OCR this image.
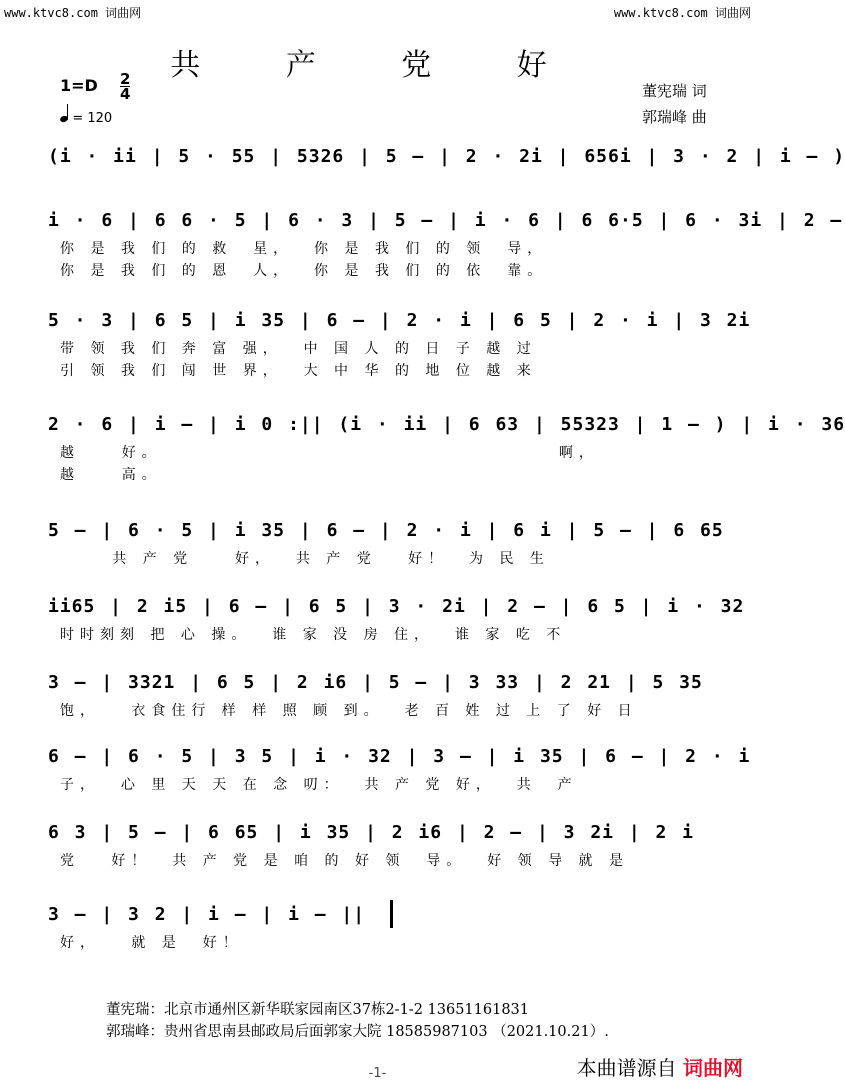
www.ktvc8.com 词曲网	www.ktvc8.com 词曲网
共 产 党 好
1=D 2
4
= 120
董宪瑞 词
郭瑞峰 曲
(i · ii | 5 · 55 | 5326 | 5 — | 2 · 2i | 656i | 3 · 2 | i — )
i · 6 | 6 6 · 5 | 6 · 3 | 5 — | i · 6 | 6 6·5 | 6 · 3i | 2 —
你 是 我 们 的 救  星，  你 是 我 们 的 领  导，
你 是 我 们 的 恩  人，  你 是 我 们 的 依  靠。
5 · 3 | 6 5 | i 35 | 6 — | 2 · i | 6 5 | 2 · i | 3 2i
带 领 我 们 奔 富 强，  中 国 人 的 日 子 越 过
引 领 我 们 闯 世 界，  大 中 华 的 地 位 越 来
2 · 6 | i — | i 0 :|| (i · ii | 6 63 | 55323 | 1 — ) | i · 36
越    好。                                      啊，
越    高。
5 — | 6 · 5 | i 35 | 6 — | 2 · i | 6 i | 5 — | 6 65
共 产 党    好，  共 产 党   好！  为 民 生
ii65 | 2 i5 | 6 — | 6 5 | 3 · 2i | 2 — | 6 5 | i · 32
时时刻刻 把 心 操。  谁 家 没 房 住，  谁 家 吃 不
3 — | 3321 | 6 5 | 2 i6 | 5 — | 3 33 | 2 21 | 5 35
饱，   衣食住行 样 样 照 顾 到。  老 百 姓 过 上 了 好 日
6 — | 6 · 5 | 3 5 | i · 32 | 3 — | i 35 | 6 — | 2 · i
子，  心 里 天 天 在 念 叨：  共 产 党 好，  共  产
6 3 | 5 — | 6 65 | i 35 | 2 i6 | 2 — | 3 2i | 2 i
党   好！  共 产 党 是 咱 的 好 领  导。  好 领 导 就 是
3 — | 3 2 | i — | i — ||
好，   就 是  好！
董宪瑞：北京市通州区新华联家园南区37栋2-1-2 13651161831
郭瑞峰：贵州省思南县邮政局后面郭家大院 18585987103 （2021.10.21）.
本曲谱源自 词曲网
-1-
